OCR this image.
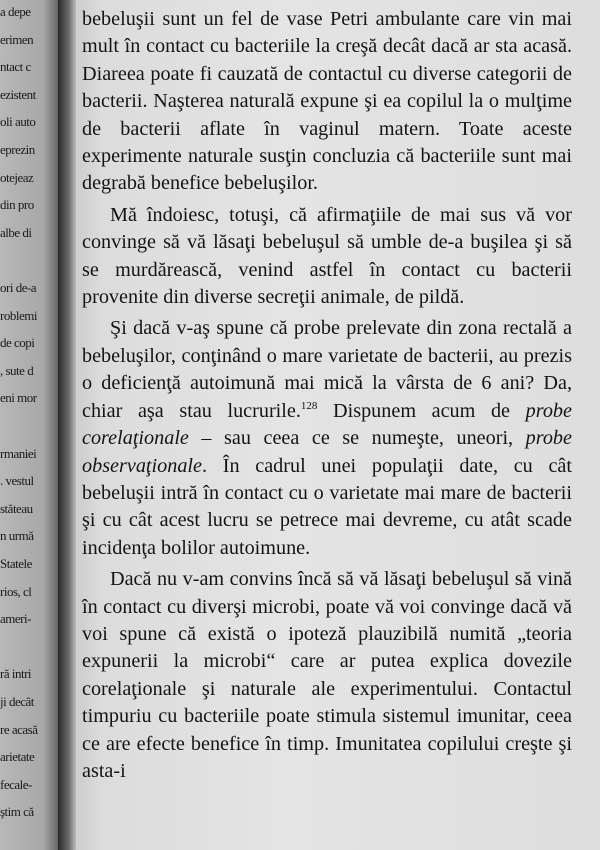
a depe
erimen
ntact c
ezistent
oli auto
eprezin
otejeaz
din pro
albe di
ori de-a
roblemi
de copi
, sute d
eni mor
rmaniei
. vestul
stăteau
n urmă
Statele
rios, cl
ameri-
ră intri
ji decât
re acasă
arietate
fecale-
ştim că

bebeluşii sunt un fel de vase Petri ambulante care vin mai mult în contact cu bacteriile la creşă decât dacă ar sta acasă. Diareea poate fi cauzată de contactul cu diverse categorii de bacterii. Naşterea naturală expune şi ea copilul la o mulţime de bacterii aflate în vaginul matern. Toate aceste experimente naturale susţin concluzia că bacteriile sunt mai degrabă benefice bebeluşilor.

Mă îndoiesc, totuşi, că afirmaţiile de mai sus vă vor convinge să vă lăsaţi bebeluşul să umble de-a buşilea şi să se murdărească, venind astfel în contact cu bacterii provenite din diverse secreţii animale, de pildă.

Şi dacă v-aş spune că probe prelevate din zona rectală a bebeluşilor, conţinând o mare varietate de bacterii, au prezis o deficienţă autoimună mai mică la vârsta de 6 ani? Da, chiar aşa stau lucrurile.$^{128}$ Dispunem acum de probe corelaţionale – sau ceea ce se numeşte, uneori, probe observaţionale. În cadrul unei populaţii date, cu cât bebeluşii intră în contact cu o varietate mai mare de bacterii şi cu cât acest lucru se petrece mai devreme, cu atât scade incidenţa bolilor autoimune.

Dacă nu v-am convins încă să vă lăsaţi bebeluşul să vină în contact cu diverşi microbi, poate vă voi convinge dacă vă voi spune că există o ipoteză plauzibilă numită „teoria expunerii la microbi“ care ar putea explica dovezile corelaţionale şi naturale ale experimentului. Contactul timpuriu cu bacteriile poate stimula sistemul imunitar, ceea ce are efecte benefice în timp. Imunitatea copilului creşte şi asta-i
